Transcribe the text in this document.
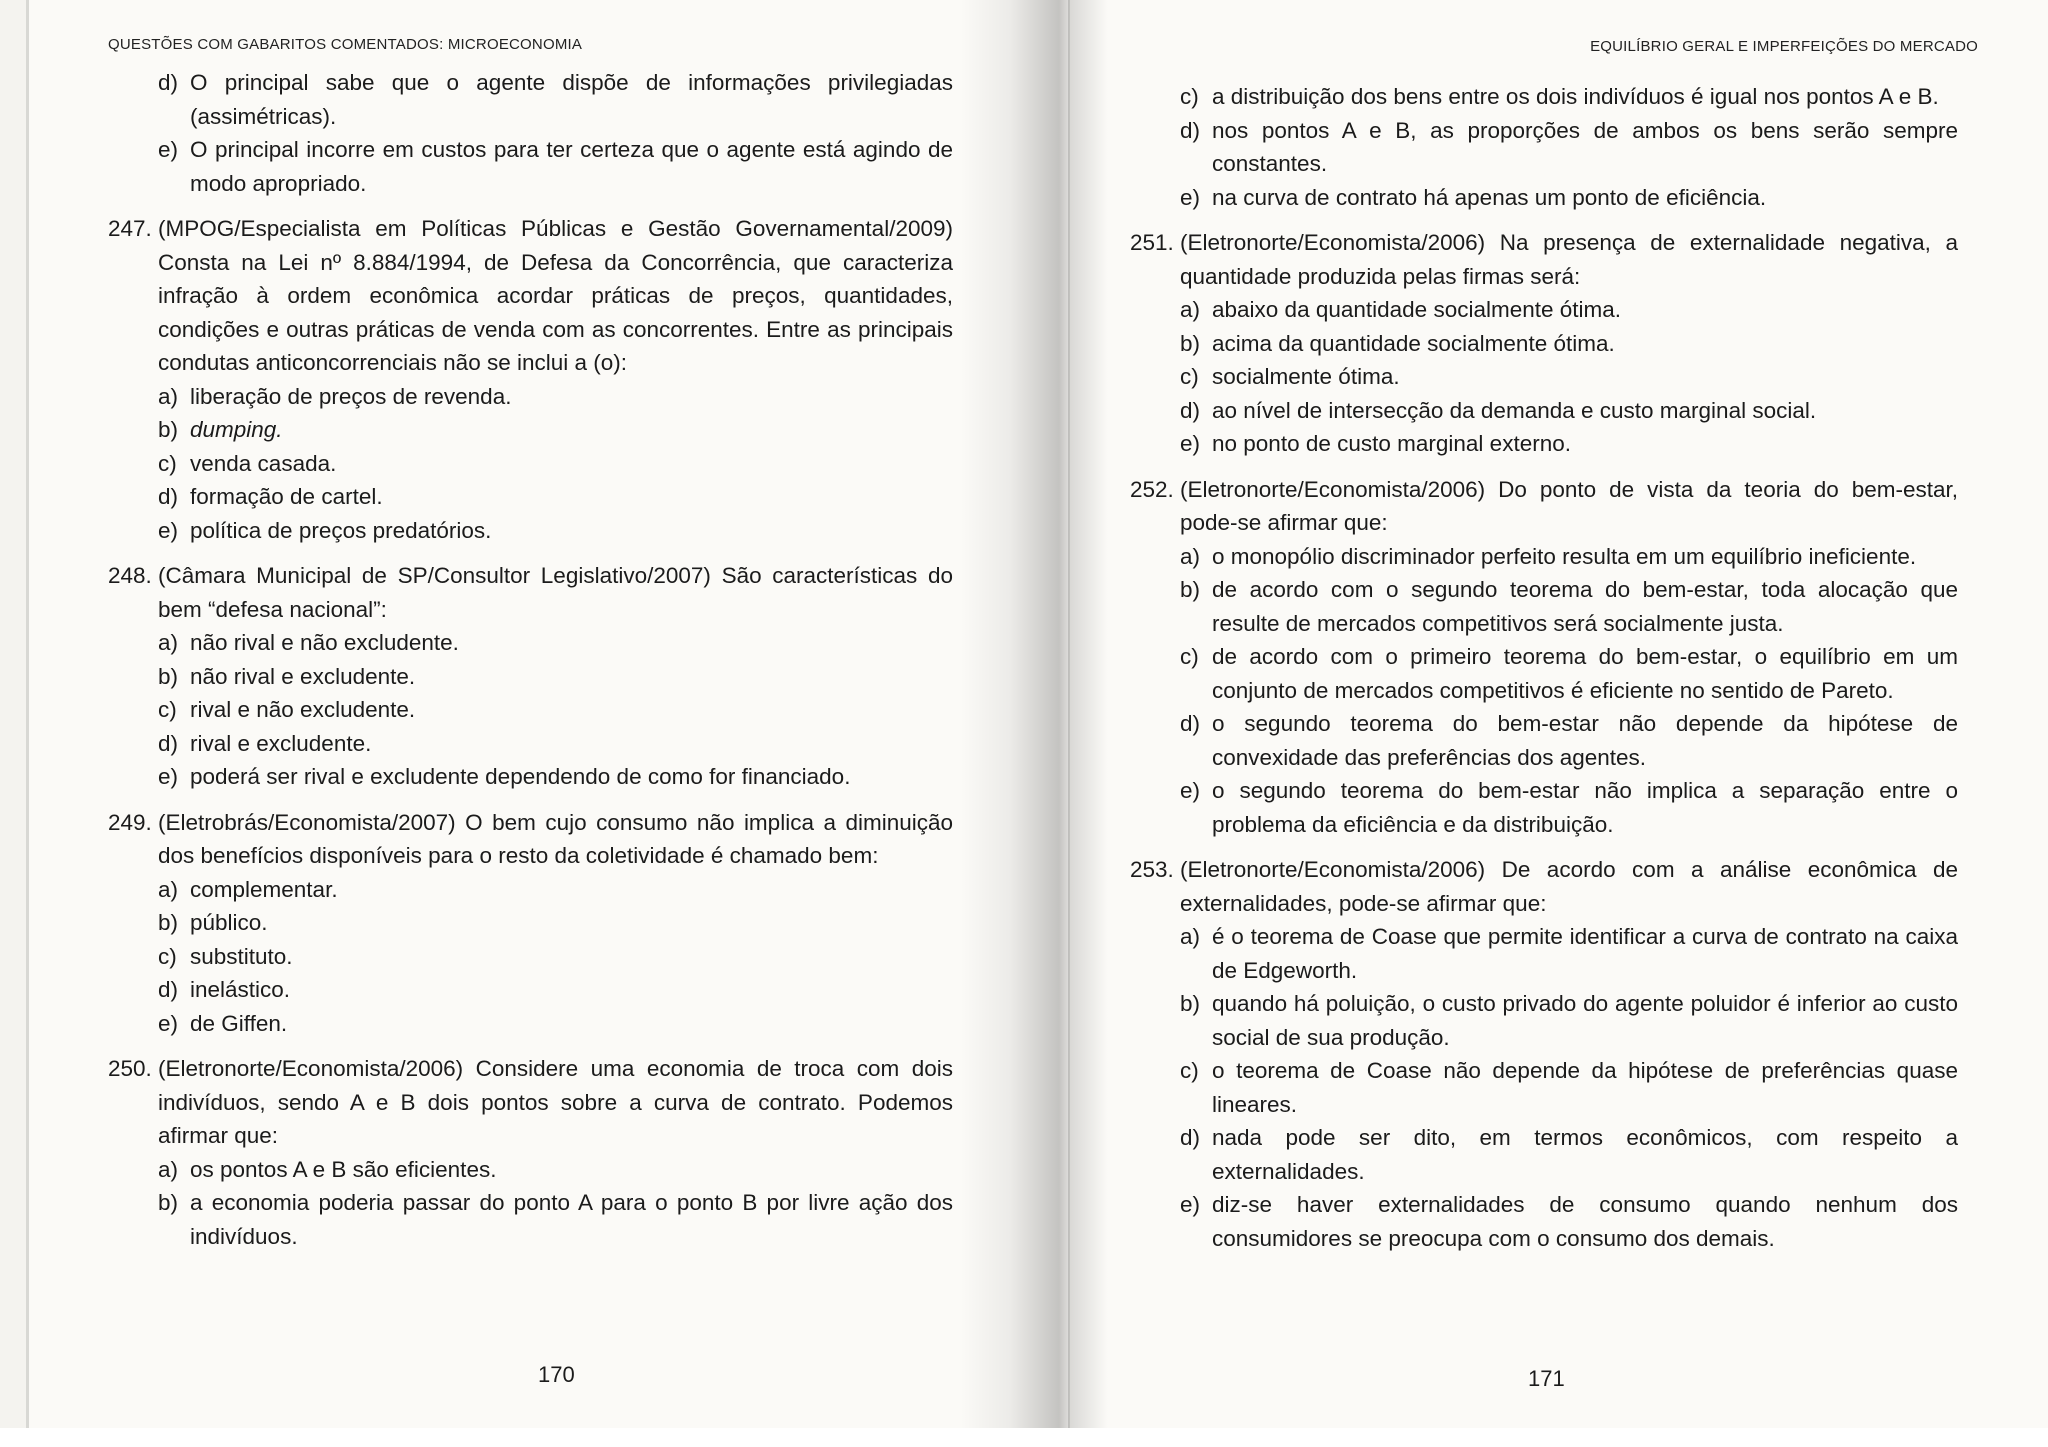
QUESTÕES COM GABARITOS COMENTADOS: MICROECONOMIA	EQUILÍBRIO GERAL E IMPERFEIÇÕES DO MERCADO
d) O principal sabe que o agente dispõe de informações privilegiadas (assimétricas).
e) O principal incorre em custos para ter certeza que o agente está agindo de modo apropriado.
247. (MPOG/Especialista em Políticas Públicas e Gestão Governamental/2009) Consta na Lei nº 8.884/1994, de Defesa da Concorrência, que caracteriza infração à ordem econômica acordar práticas de preços, quantidades, condições e outras práticas de venda com as concorrentes. Entre as principais condutas anticoncorrenciais não se inclui a (o):
a) liberação de preços de revenda.
b) dumping.
c) venda casada.
d) formação de cartel.
e) política de preços predatórios.
248. (Câmara Municipal de SP/Consultor Legislativo/2007) São características do bem “defesa nacional”:
a) não rival e não excludente.
b) não rival e excludente.
c) rival e não excludente.
d) rival e excludente.
e) poderá ser rival e excludente dependendo de como for financiado.
249. (Eletrobrás/Economista/2007) O bem cujo consumo não implica a diminuição dos benefícios disponíveis para o resto da coletividade é chamado bem:
a) complementar.
b) público.
c) substituto.
d) inelástico.
e) de Giffen.
250. (Eletronorte/Economista/2006) Considere uma economia de troca com dois indivíduos, sendo A e B dois pontos sobre a curva de contrato. Podemos afirmar que:
a) os pontos A e B são eficientes.
b) a economia poderia passar do ponto A para o ponto B por livre ação dos indivíduos.
c) a distribuição dos bens entre os dois indivíduos é igual nos pontos A e B.
d) nos pontos A e B, as proporções de ambos os bens serão sempre constantes.
e) na curva de contrato há apenas um ponto de eficiência.
251. (Eletronorte/Economista/2006) Na presença de externalidade negativa, a quantidade produzida pelas firmas será:
a) abaixo da quantidade socialmente ótima.
b) acima da quantidade socialmente ótima.
c) socialmente ótima.
d) ao nível de intersecção da demanda e custo marginal social.
e) no ponto de custo marginal externo.
252. (Eletronorte/Economista/2006) Do ponto de vista da teoria do bem-estar, pode-se afirmar que:
a) o monopólio discriminador perfeito resulta em um equilíbrio ineficiente.
b) de acordo com o segundo teorema do bem-estar, toda alocação que resulte de mercados competitivos será socialmente justa.
c) de acordo com o primeiro teorema do bem-estar, o equilíbrio em um conjunto de mercados competitivos é eficiente no sentido de Pareto.
d) o segundo teorema do bem-estar não depende da hipótese de convexidade das preferências dos agentes.
e) o segundo teorema do bem-estar não implica a separação entre o problema da eficiência e da distribuição.
253. (Eletronorte/Economista/2006) De acordo com a análise econômica de externalidades, pode-se afirmar que:
a) é o teorema de Coase que permite identificar a curva de contrato na caixa de Edgeworth.
b) quando há poluição, o custo privado do agente poluidor é inferior ao custo social de sua produção.
c) o teorema de Coase não depende da hipótese de preferências quase lineares.
d) nada pode ser dito, em termos econômicos, com respeito a externalidades.
e) diz-se haver externalidades de consumo quando nenhum dos consumidores se preocupa com o consumo dos demais.
170	171
